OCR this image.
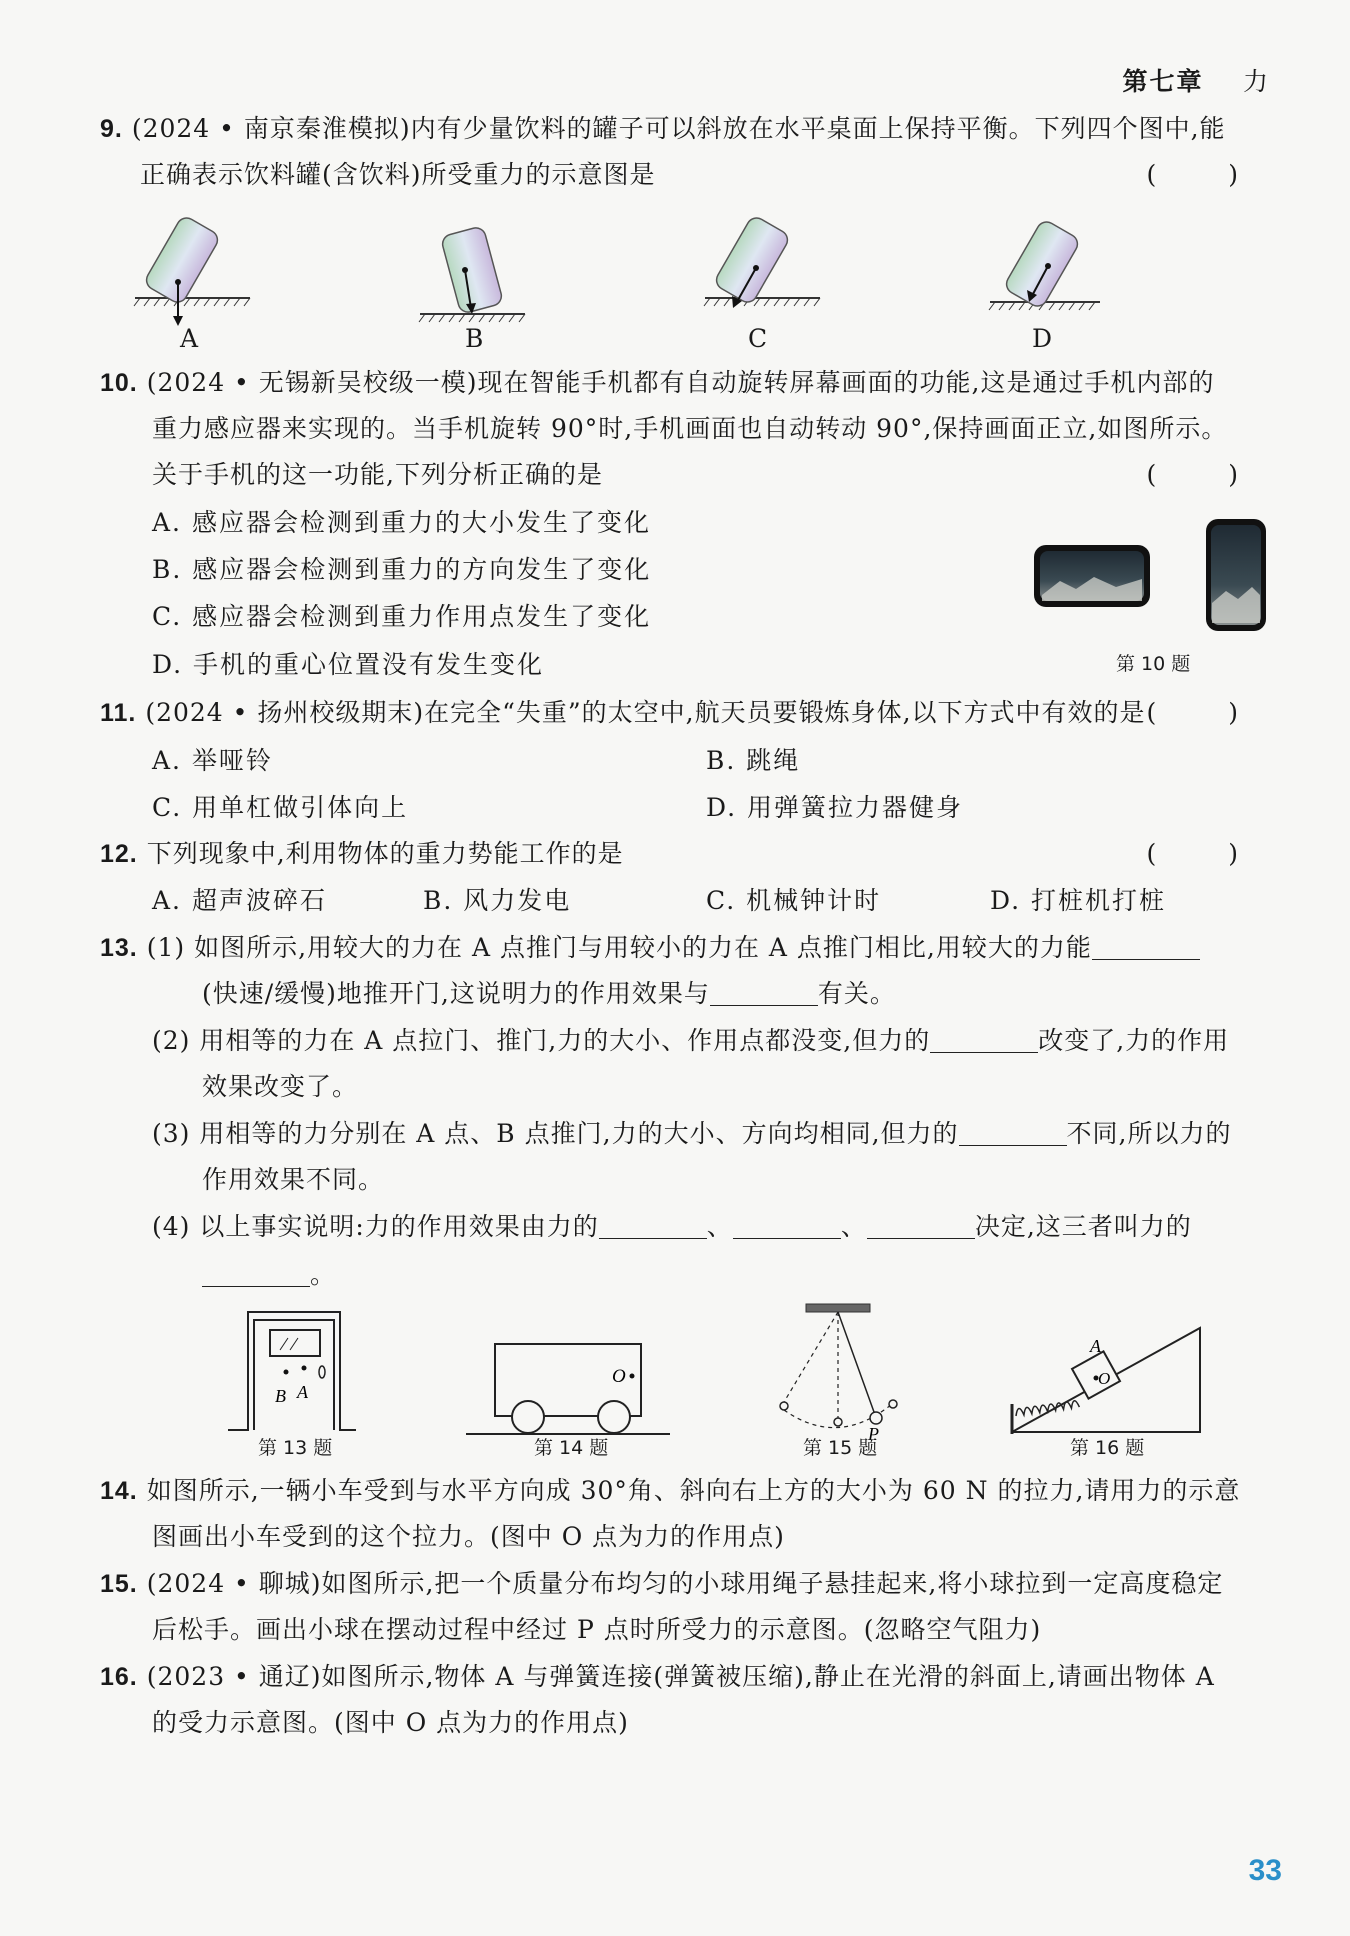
第七章 力
9. (2024 • 南京秦淮模拟)内有少量饮料的罐子可以斜放在水平桌面上保持平衡。下列四个图中,能
正确表示饮料罐(含饮料)所受重力的示意图是	( )
A	B	C	D
10. (2024 • 无锡新吴校级一模)现在智能手机都有自动旋转屏幕画面的功能,这是通过手机内部的
重力感应器来实现的。当手机旋转 90°时,手机画面也自动转动 90°,保持画面正立,如图所示。
关于手机的这一功能,下列分析正确的是	( )
A. 感应器会检测到重力的大小发生了变化
B. 感应器会检测到重力的方向发生了变化
C. 感应器会检测到重力作用点发生了变化
D. 手机的重心位置没有发生变化	第 10 题
11. (2024 • 扬州校级期末)在完全“失重”的太空中,航天员要锻炼身体,以下方式中有效的是 ( )
A. 举哑铃	B. 跳绳
C. 用单杠做引体向上	D. 用弹簧拉力器健身
12. 下列现象中,利用物体的重力势能工作的是	( )
A. 超声波碎石	B. 风力发电	C. 机械钟计时	D. 打桩机打桩
13. (1) 如图所示,用较大的力在 A 点推门与用较小的力在 A 点推门相比,用较大的力能
(快速/缓慢)地推开门,这说明力的作用效果与	有关。
(2) 用相等的力在 A 点拉门、推门,力的大小、作用点都没变,但力的	改变了,力的作用
效果改变了。
(3) 用相等的力分别在 A 点、B 点推门,力的大小、方向均相同,但力的	不同,所以力的
作用效果不同。
(4) 以上事实说明:力的作用效果由力的	、	、	决定,这三者叫力的
。
B A
O
P
A
O
第 13 题	第 14 题	第 15 题	第 16 题
14. 如图所示,一辆小车受到与水平方向成 30°角、斜向右上方的大小为 60 N 的拉力,请用力的示意
图画出小车受到的这个拉力。(图中 O 点为力的作用点)
15. (2024 • 聊城)如图所示,把一个质量分布均匀的小球用绳子悬挂起来,将小球拉到一定高度稳定
后松手。画出小球在摆动过程中经过 P 点时所受力的示意图。(忽略空气阻力)
16. (2023 • 通辽)如图所示,物体 A 与弹簧连接(弹簧被压缩),静止在光滑的斜面上,请画出物体 A
的受力示意图。(图中 O 点为力的作用点)
33
